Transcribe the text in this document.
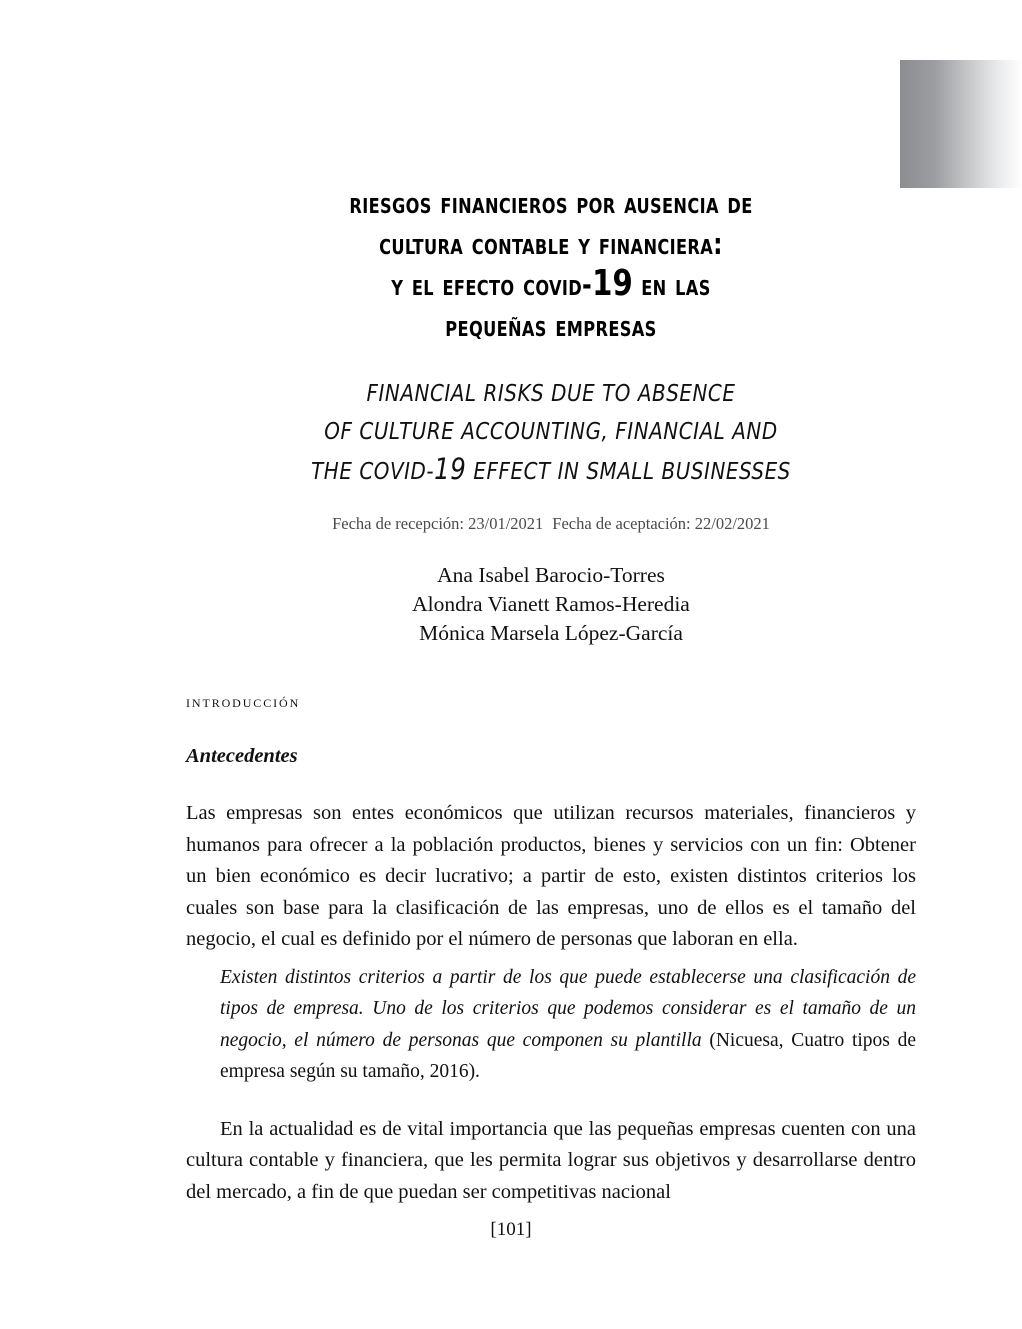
riesgos financieros por ausencia de
cultura contable y financiera:
y el efecto covid-19 en las
pequeñas empresas
FINANCIAL RISKS DUE TO ABSENCE
OF CULTURE ACCOUNTING, FINANCIAL AND
THE COVID-19 EFFECT IN SMALL BUSINESSES

Fecha de recepción: 23/01/2021 Fecha de aceptación: 22/02/2021

Ana Isabel Barocio-Torres
Alondra Vianett Ramos-Heredia
Mónica Marsela López-García
introducción
Antecedentes

Las empresas son entes económicos que utilizan recursos materiales, financieros y humanos para ofrecer a la población productos, bienes y servicios con un fin: Obtener un bien económico es decir lucrativo; a partir de esto, existen distintos criterios los cuales son base para la clasificación de las empresas, uno de ellos es el tamaño del negocio, el cual es definido por el número de personas que laboran en ella.

Existen distintos criterios a partir de los que puede establecerse una clasificación de tipos de empresa. Uno de los criterios que podemos considerar es el tamaño de un negocio, el número de personas que componen su plantilla (Nicuesa, Cuatro tipos de empresa según su tamaño, 2016).

En la actualidad es de vital importancia que las pequeñas empresas cuenten con una cultura contable y financiera, que les permita lograr sus objetivos y desarrollarse dentro del mercado, a fin de que puedan ser competitivas nacional

[101]
